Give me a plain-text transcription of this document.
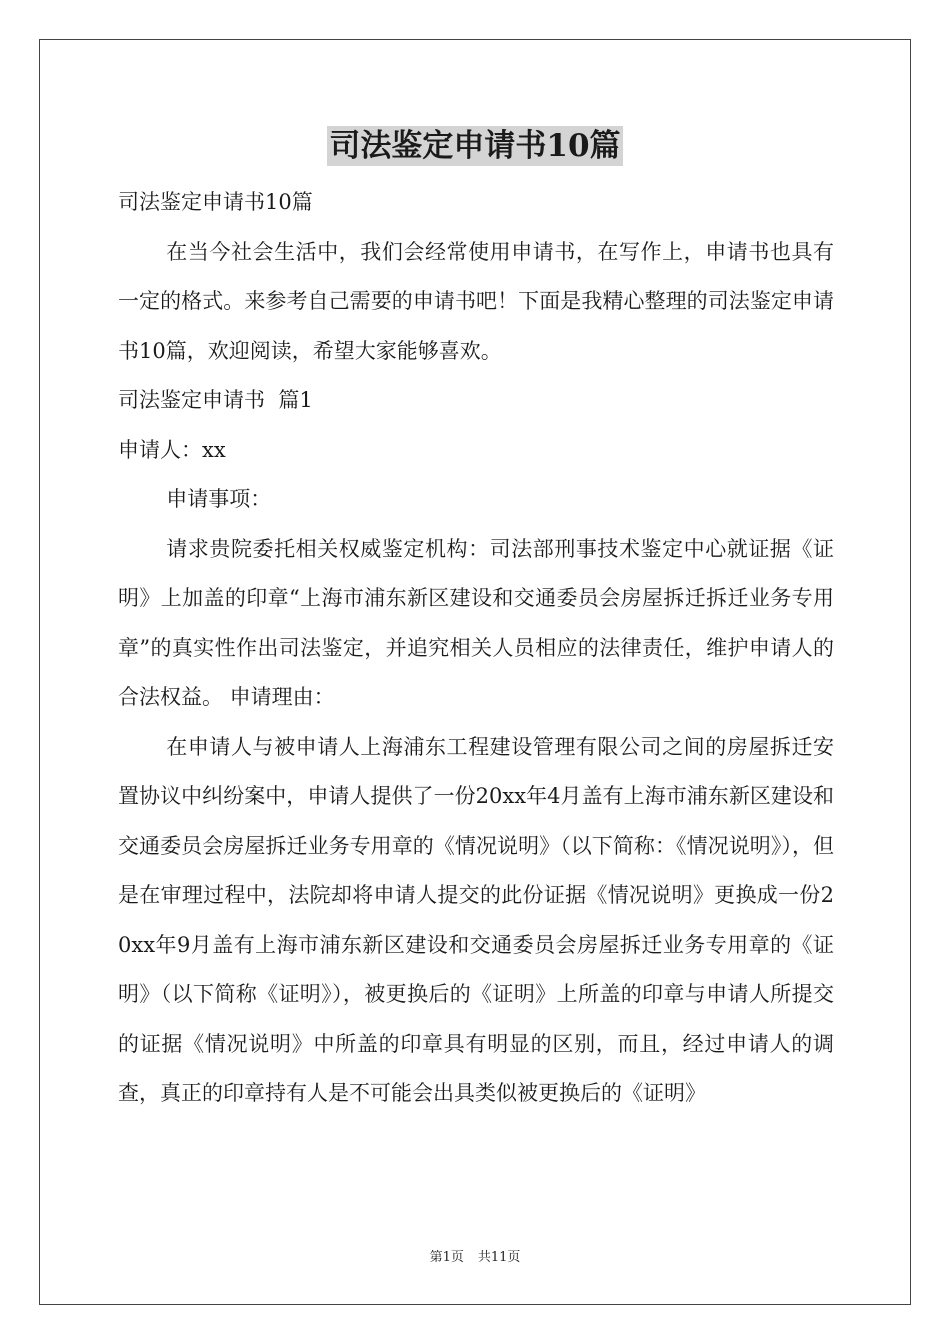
司法鉴定申请书10篇

司法鉴定申请书10篇

在当今社会生活中，我们会经常使用申请书，在写作上，申请书也具有一定的格式。来参考自己需要的申请书吧！下面是我精心整理的司法鉴定申请书10篇，欢迎阅读，希望大家能够喜欢。

司法鉴定申请书  篇1

申请人：xx

申请事项：

请求贵院委托相关权威鉴定机构：司法部刑事技术鉴定中心就证据《证明》上加盖的印章“上海市浦东新区建设和交通委员会房屋拆迁拆迁业务专用章”的真实性作出司法鉴定，并追究相关人员相应的法律责任，维护申请人的合法权益。 申请理由：

在申请人与被申请人上海浦东工程建设管理有限公司之间的房屋拆迁安置协议中纠纷案中，申请人提供了一份20xx年4月盖有上海市浦东新区建设和交通委员会房屋拆迁业务专用章的《情况说明》（以下简称：《情况说明》），但是在审理过程中，法院却将申请人提交的此份证据《情况说明》更换成一份20xx年9月盖有上海市浦东新区建设和交通委员会房屋拆迁业务专用章的《证明》（以下简称《证明》），被更换后的《证明》上所盖的印章与申请人所提交的证据《情况说明》中所盖的印章具有明显的区别，而且，经过申请人的调查，真正的印章持有人是不可能会出具类似被更换后的《证明》

第1页 共11页
